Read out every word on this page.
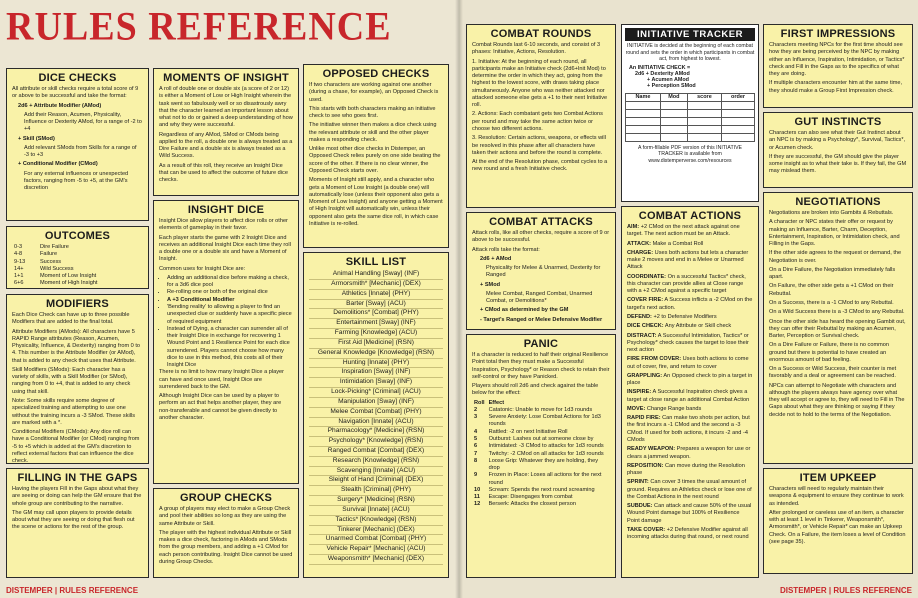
RULES REFERENCE
DICE CHECKS

All attribute or skill checks require a total score of 9 or above to be successful and take the format:

2d6 + Attribute Modifier (AMod)

Add their Reason, Acumen, Physicality, Influence or Dexterity AMod, for a range of -2 to +4

+ Skill (SMod)

Add relevant SMods from Skills for a range of -3 to +3

+ Conditional Modifier (CMod)

For any external influences or unexpected factors, ranging from -5 to +5, at the GM's discretion

OUTCOMES
0-3	Dire Failure
4-8	Failure
9-13	Success
14+	Wild Success
1+1	Moment of Low Insight
6+6	Moment of High Insight
MODIFIERS

Each Dice Check can have up to three possible Modifiers that are added to the final total.

Attribute Modifiers (AMods): All characters have 5 RAPID Range attributes (Reason, Acumen, Physicality, Influence, & Dexterity) ranging from 0 to 4. This number is the Attribute Modifier (or AMod), that is added to any check that uses that Attribute.

Skill Modifiers (SMods): Each character has a variety of skills, with a Skill Modifier (or SMod), ranging from 0 to +4, that is added to any check using that skill.

Note: Some skills require some degree of specialized training and attempting to use one without the training incurs a -3 SMod. These skills are marked with a *.

Conditional Modifiers (CMods): Any dice roll can have a Conditional Modifier (or CMod) ranging from -5 to +5 which is added at the GM's discretion to reflect external factors that can influence the dice check.

FILLING IN THE GAPS

Having the players Fill in the Gaps about what they are seeing or doing can help the GM ensure that the whole group are contributing to the narrative.

The GM may call upon players to provide details about what they are seeing or doing that flesh out the scene or actions for the rest of the group.

MOMENTS OF INSIGHT

A roll of double one or double six (a score of 2 or 12) is either a Moment of Low or High Insight wherein the task went so fabulously well or so disastrously awry that the character learned an important lesson about what not to do or gained a deep understanding of how and why they were successful.

Regardless of any AMod, SMod or CMods being applied to the roll, a double one is always treated as a Dire Failure and a double six is always treated as a Wild Success.

As a result of this roll, they receive an Insight Dice that can be used to affect the outcome of future dice checks.

INSIGHT DICE

Insight Dice allow players to affect dice rolls or other elements of gameplay in their favor.

Each player starts the game with 2 Insight Dice and receives an additional Insight Dice each time they roll a double one or a double six and have a Moment of Insight.

Common uses for Insight Dice are:

• Adding an additional dice before making a check, for a 3d6 dice pool
• Re-rolling one or both of the original dice
• A +3 Conditional Modifier
• 'Bending reality' to allowing a player to find an unexpected clue or suddenly have a specific piece of required equipment
• Instead of Dying, a character can surrender all of their Insight Dice in exchange for recovering 1 Wound Point and 1 Resilience Point for each dice surrendered. Players cannot choose how many dice to use in this method, this costs all of their Insight Dice

There is no limit to how many Insight Dice a player can have and once used, Insight Dice are surrendered back to the GM.

Although Insight Dice can be used by a player to perform an act that helps another player, they are non-transferable and cannot be given directly to another character.

GROUP CHECKS

A group of players may elect to make a Group Check and pool their abilities so long as they are using the same Attribute or Skill.

The player with the highest individual Attribute or Skill makes a dice check, factoring in AMods and SMods from the group members, and adding a +1 CMod for each person contributing. Insight Dice cannot be used during Group Checks.

OPPOSED CHECKS

If two characters are working against one another (during a chase, for example), an Opposed Check is used.

This starts with both characters making an initiative check to see who goes first.

The initiative winner then makes a dice check using the relevant attribute or skill and the other player makes a responding check.

Unlike most other dice checks in Distemper, an Opposed Check relies purely on one side beating the score of the other. If there is no clear winner, the Opposed Check starts over.

Moments of Insight still apply, and a character who gets a Moment of Low Insight (a double one) will automatically lose (unless their opponent also gets a Moment of Low Insight) and anyone getting a Moment of High Insight will automatically win, unless their opponent also gets the same dice roll, in which case Initiative is re-rolled.

SKILL LIST
Animal Handling [Sway] (INF)
Armorsmith* [Mechanic] (DEX)
Athletics [Innate] (PHY)
Barter [Sway] (ACU)
Demolitions* [Combat] (PHY)
Entertainment [Sway] (INF)
Farming [Knowledge] (ACU)
First Aid [Medicine] (RSN)
General Knowledge [Knowledge] (RSN)
Hunting [Innate] (PHY)
Inspiration [Sway] (INF)
Intimidation [Sway] (INF)
Lock-Picking* [Criminal] (ACU)
Manipulation [Sway] (INF)
Melee Combat [Combat] (PHY)
Navigation [Innate] (ACU)
Pharmacology* [Medicine] (RSN)
Psychology* [Knowledge] (RSN)
Ranged Combat [Combat] (DEX)
Research [Knowledge] (RSN)
Scavenging [Innate] (ACU)
Sleight of Hand [Criminal] (DEX)
Stealth [Criminal] (PHY)
Surgery* [Medicine] (RSN)
Survival [Innate] (ACU)
Tactics* [Knowledge] (RSN)
Tinkerer [Mechanic] (DEX)
Unarmed Combat [Combat] (PHY)
Vehicle Repair* [Mechanic] (ACU)
Weaponsmith* [Mechanic] (DEX)
DISTEMPER | RULES REFERENCE
COMBAT ROUNDS

Combat Rounds last 6-10 seconds, and consist of 3 phases: Initiative, Actions, Resolution.

1. Initiative: At the beginning of each round, all participants make an Initiative check (2d6+Init Mod) to determine the order in which they act, going from the highest to the lowest score, with draws taking place simultaneously. Anyone who was neither attacked nor attacked someone else gets a +1 to their next Initiative roll.

2. Actions: Each combatant gets two Combat Actions per round and may take the same action twice or choose two different actions.

3. Resolution: Certain actions, weapons, or effects will be resolved in this phase after all characters have taken their actions and before the round is complete.

At the end of the Resolution phase, combat cycles to a new round and a fresh Initiative check.

COMBAT ATTACKS

Attack rolls, like all other checks, require a score of 9 or above to be successful.

Attack rolls take the format:

2d6 + AMod

Physicality for Melee & Unarmed, Dexterity for Ranged

+ SMod

Melee Combat, Ranged Combat, Unarmed Combat, or Demolitions*

+ CMod as determined by the GM

- Target's Ranged or Melee Defensive Modifier

PANIC

If a character is reduced to half their original Resilience Point total then they must make a Successful Inspiration, Psychology* or Reason check to retain their self-control or they have Panicked.

Players should roll 2d6 and check against the table below for the effect:

Roll	Effect
2	Catatonic: Unable to move for 1d3 rounds
3	Severe Anxiety: Lose Combat Actions for 1d3 rounds
4	Rattled: -2 on next Initiative Roll
5	Outburst: Lashes out at someone close by
6	Intimidated: -3 CMod to attacks for 1d3 rounds
7	Twitchy: -2 CMod on all attacks for 1d3 rounds
8	Loose Grip: Whatever they are holding, they drop
9	Frozen in Place: Loses all actions for the next round
10	Scream: Spends the next round screaming
11	Escape: Disengages from combat
12	Berserk: Attacks the closest person
INITIATIVE TRACKER
INITIATIVE is decided at the beginning of each combat round and sets the order in which participants in combat act, from highest to lowest.
An INITIATIVE CHECK =
2d6 + Dexterity AMod
+ Acumen AMod
+ Perception SMod
Name	Mod	score	order

A form-fillable PDF version of this INITIATIVE TRACKER is available from www.distemperverse.com/resources
COMBAT ACTIONS

AIM: +2 CMod on the next attack against one target. The next action must be an Attack.

ATTACK: Make a Combat Roll

CHARGE: Uses both actions but lets a character make 2 moves and end in a Melee or Unarmed Attack

COORDINATE: On a successful Tactics* check, this character can provide allies at Close range with a +2 CMod against a specific target

COVER FIRE: A Success inflicts a -2 CMod on the target's next action.

DEFEND: +2 to Defensive Modifiers

DICE CHECK: Any Attribute or Skill check

DISTRACT: A Successful Intimidation, Tactics* or Psychology* check causes the target to lose their next action

FIRE FROM COVER: Uses both actions to come out of cover, fire, and return to cover

GRAPPLING: An Opposed check to pin a target in place

INSPIRE: A Successful Inspiration check gives a target at close range an additional Combat Action

MOVE: Change Range bands

RAPID FIRE: Can make two shots per action, but the first incurs a -1 CMod and the second a -3 CMod. If used for both actions, it incurs -2 and -4 CMods

READY WEAPON: Prepares a weapon for use or clears a jammed weapon.

REPOSITION: Can move during the Resolution phase

SPRINT: Can cover 3 times the usual amount of ground. Requires an Athletics check or lose one of the Combat Actions in the next round

SUBDUE: Can attack and cause 50% of the usual Wound Point damage but 100% of Resilience Point damage

TAKE COVER: +2 Defensive Modifier against all incoming attacks during that round, or next round

FIRST IMPRESSIONS

Characters meeting NPCs for the first time should see how they are being perceived by the NPC by making either an Influence, Inspiration, Intimidation, or Tactics* check and Fill in the Gaps as to the specifics of what they are doing.

If multiple characters encounter him at the same time, they should make a Group First Impression check.

GUT INSTINCTS

Characters can also see what their Gut Instinct about an NPC is by making a Psychology*, Survival, Tactics*, or Acumen check.

If they are successful, the GM should give the player some insight as to what their take is. If they fail, the GM may mislead them.

NEGOTIATIONS

Negotiations are broken into Gambits & Rebuttals.

A character or NPC states their offer or request by making an Influence, Barter, Charm, Deception, Entertainment, Inspiration, or Intimidation check, and Filling in the Gaps.

If the other side agrees to the request or demand, the Negotiation is over.

On a Dire Failure, the Negotiation immediately falls apart.

On Failure, the other side gets a +1 CMod on their Rebuttal.

On a Success, there is a -1 CMod to any Rebuttal.

On a Wild Success there is a -3 CMod to any Rebuttal.

Once the other side has heard the opening Gambit out, they can offer their Rebuttal by making an Acumen, Barter, Perception or Survival check.

On a Dire Failure or Failure, there is no common ground but there is potential to have created an enormous amount of bad feeling.

On a Success or Wild Success, their counter is met favorably and a deal or agreement can be reached.

NPCs can attempt to Negotiate with characters and although the players always have agency over what they will accept or agree to, they will need to Fill in The Gaps about what they are thinking or saying if they decide not to hold to the terms of the Negotiation.

ITEM UPKEEP

Characters will need to regularly maintain their weapons & equipment to ensure they continue to work as intended.

After prolonged or careless use of an item, a character with at least 1 level in Tinkerer, Weaponsmith*, Armorsmith*, or Vehicle Repair* can make an Upkeep Check. On a Failure, the item loses a level of Condition (see page 35).

DISTEMPER | RULES REFERENCE
